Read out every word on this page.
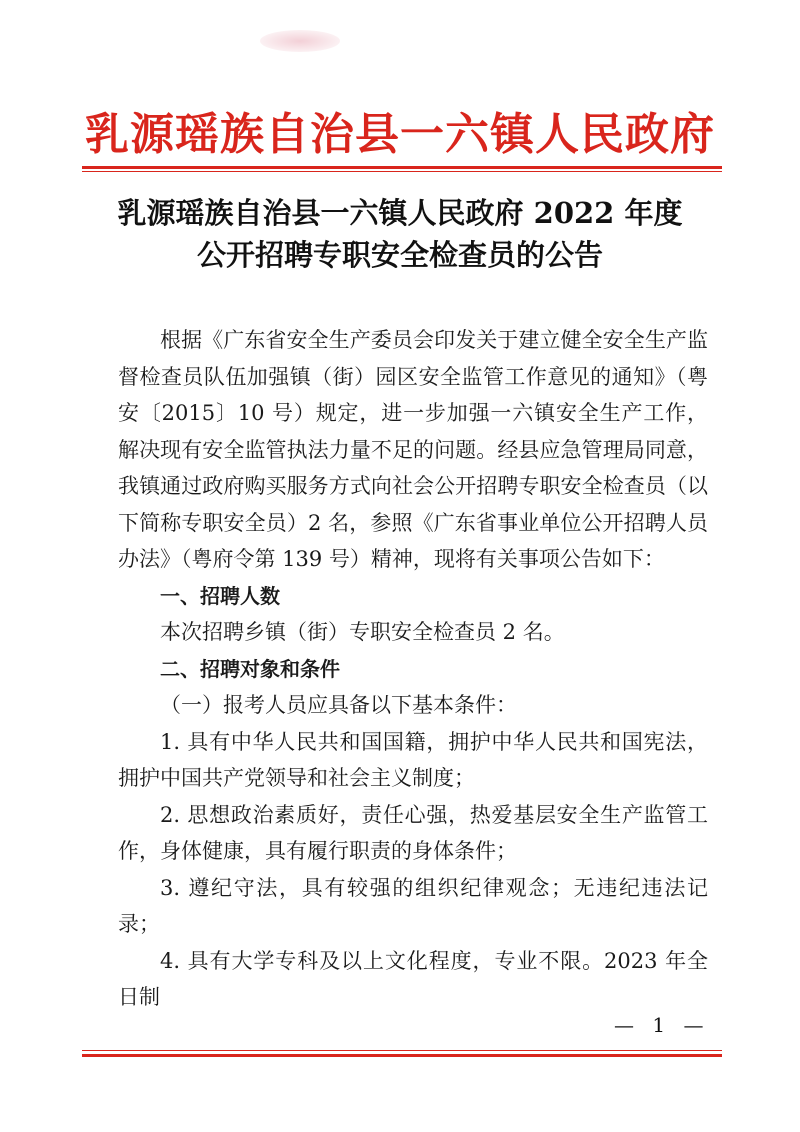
乳源瑶族自治县一六镇人民政府
乳源瑶族自治县一六镇人民政府 2022 年度
公开招聘专职安全检查员的公告

根据《广东省安全生产委员会印发关于建立健全安全生产监督检查员队伍加强镇（街）园区安全监管工作意见的通知》（粤安〔2015〕10 号）规定，进一步加强一六镇安全生产工作，解决现有安全监管执法力量不足的问题。经县应急管理局同意，我镇通过政府购买服务方式向社会公开招聘专职安全检查员（以下简称专职安全员）2 名，参照《广东省事业单位公开招聘人员办法》（粤府令第 139 号）精神，现将有关事项公告如下：

一、招聘人数

本次招聘乡镇（街）专职安全检查员 2 名。

二、招聘对象和条件

（一）报考人员应具备以下基本条件：

1. 具有中华人民共和国国籍，拥护中华人民共和国宪法，拥护中国共产党领导和社会主义制度；

2. 思想政治素质好，责任心强，热爱基层安全生产监管工作，身体健康，具有履行职责的身体条件；

3. 遵纪守法，具有较强的组织纪律观念；无违纪违法记录；

4. 具有大学专科及以上文化程度，专业不限。2023 年全日制

— 1 —
